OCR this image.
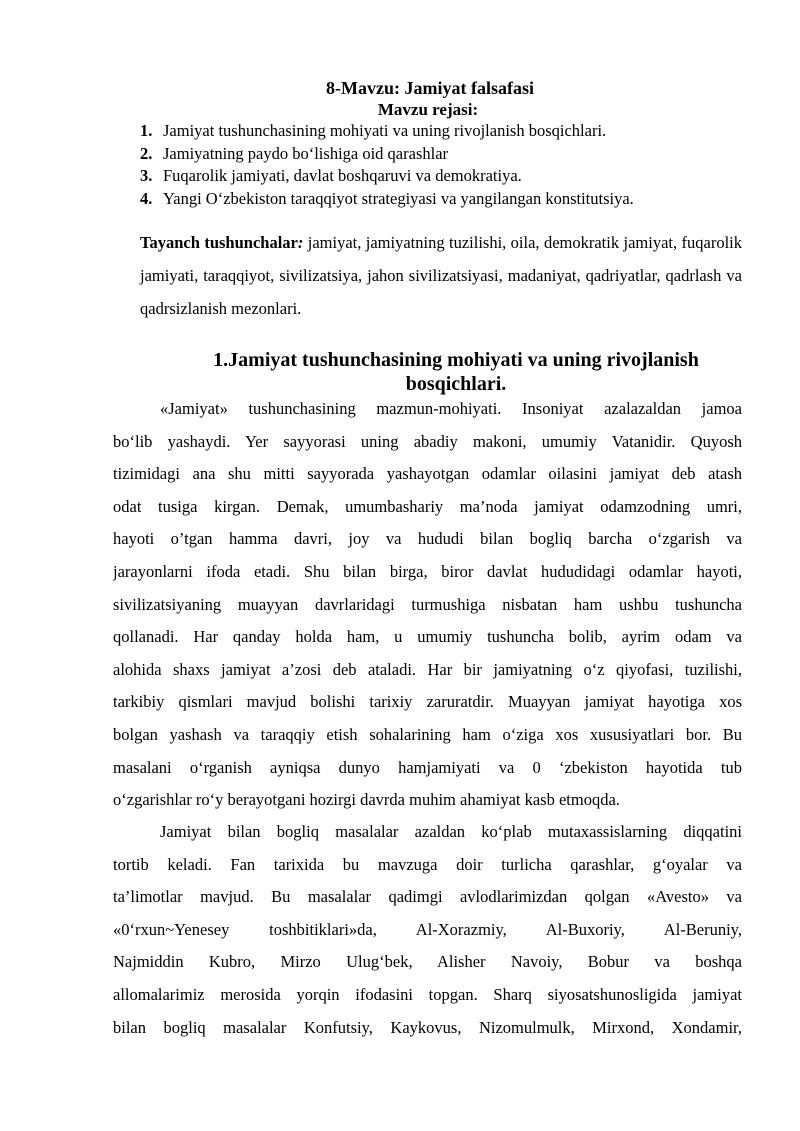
8-Mavzu: Jamiyat falsafasi
Mavzu rejasi:
1. Jamiyat tushunchasining mohiyati va uning rivojlanish bosqichlari.
2. Jamiyatning paydo bo‘lishiga oid qarashlar
3. Fuqarolik jamiyati, davlat boshqaruvi va demokratiya.
4. Yangi O‘zbekiston taraqqiyot strategiyasi va yangilangan konstitutsiya.
Tayanch tushunchalar: jamiyat, jamiyatning tuzilishi, oila, demokratik jamiyat, fuqarolik jamiyati, taraqqiyot, sivilizatsiya, jahon sivilizatsiyasi, madaniyat, qadriyatlar, qadrlash va qadrsizlanish mezonlari.
1.Jamiyat tushunchasining mohiyati va uning rivojlanish
bosqichlari.
«Jamiyat» tushunchasining mazmun-mohiyati. Insoniyat azalazaldan jamoa
bo‘lib yashaydi. Yer sayyorasi uning abadiy makoni, umumiy Vatanidir. Quyosh
tizimidagi ana shu mitti sayyorada yashayotgan odamlar oilasini jamiyat deb atash
odat tusiga kirgan. Demak, umumbashariy ma’noda jamiyat odamzodning umri,
hayoti o’tgan hamma davri, joy va hududi bilan bogliq barcha o‘zgarish va
jarayonlarni ifoda etadi. Shu bilan birga, biror davlat hududidagi odamlar hayoti,
sivilizatsiyaning muayyan davrlaridagi turmushiga nisbatan ham ushbu tushuncha
qollanadi. Har qanday holda ham, u umumiy tushuncha bolib, ayrim odam va
alohida shaxs jamiyat a’zosi deb ataladi. Har bir jamiyatning o‘z qiyofasi, tuzilishi,
tarkibiy qismlari mavjud bolishi tarixiy zaruratdir. Muayyan jamiyat hayotiga xos
bolgan yashash va taraqqiy etish sohalarining ham o‘ziga xos xususiyatlari bor. Bu
masalani o‘rganish ayniqsa dunyo hamjamiyati va 0 ‘zbekiston hayotida tub
o‘zgarishlar ro‘y berayotgani hozirgi davrda muhim ahamiyat kasb etmoqda.
Jamiyat bilan bogliq masalalar azaldan ko‘plab mutaxassislarning diqqatini
tortib keladi. Fan tarixida bu mavzuga doir turlicha qarashlar, g‘oyalar va
ta’limotlar mavjud. Bu masalalar qadimgi avlodlarimizdan qolgan «Avesto» va
«0‘rxun~Yenesey toshbitiklari»da, Al-Xorazmiy, Al-Buxoriy, Al-Beruniy,
Najmiddin Kubro, Mirzo Ulug‘bek, Alisher Navoiy, Bobur va boshqa
allomalarimiz merosida yorqin ifodasini topgan. Sharq siyosatshunosligida jamiyat
bilan bogliq masalalar Konfutsiy, Kaykovus, Nizomulmulk, Mirxond, Xondamir,
